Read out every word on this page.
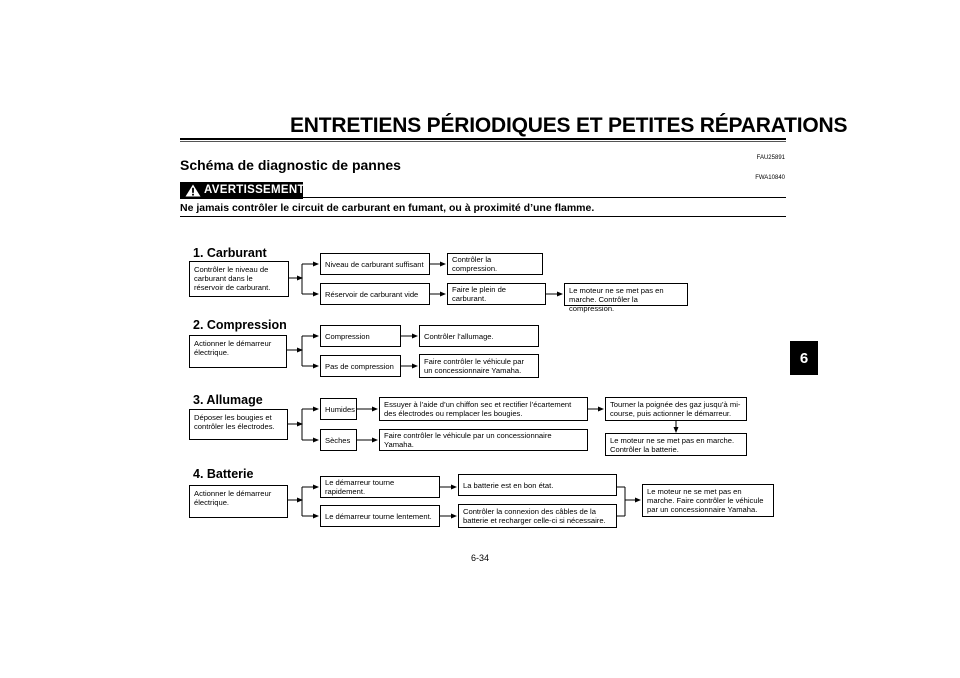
ENTRETIENS PÉRIODIQUES ET PETITES RÉPARATIONS
FAU25891
Schéma de diagnostic de pannes
FWA10840
AVERTISSEMENT
Ne jamais contrôler le circuit de carburant en fumant, ou à proximité d’une flamme.
1. Carburant
Contrôler le niveau de carburant dans le réservoir de carburant.
Niveau de carburant suffisant	Contrôler la compression.
Réservoir de carburant vide	Faire le plein de carburant.
Le moteur ne se met pas en marche. Contrôler la compression.
2. Compression
Actionner le démarreur électrique.
Compression	Contrôler l’allumage.
Pas de compression	Faire contrôler le véhicule par un concessionnaire Yamaha.
3. Allumage
Déposer les bougies et contrôler les électrodes.
Humides	Essuyer à l’aide d’un chiffon sec et rectifier l’écartement des électrodes ou remplacer les bougies.
Tourner la poignée des gaz jusqu’à mi-course, puis actionner le démarreur.
Sèches	Faire contrôler le véhicule par un concessionnaire Yamaha.	Le moteur ne se met pas en marche. Contrôler la batterie.
4. Batterie
Actionner le démarreur électrique.
Le démarreur tourne rapidement.
La batterie est en bon état.
Le démarreur tourne lentement.	Contrôler la connexion des câbles de la batterie et recharger celle-ci si nécessaire.
Le moteur ne se met pas en marche. Faire contrôler le véhicule par un concessionnaire Yamaha.
6-34
6
